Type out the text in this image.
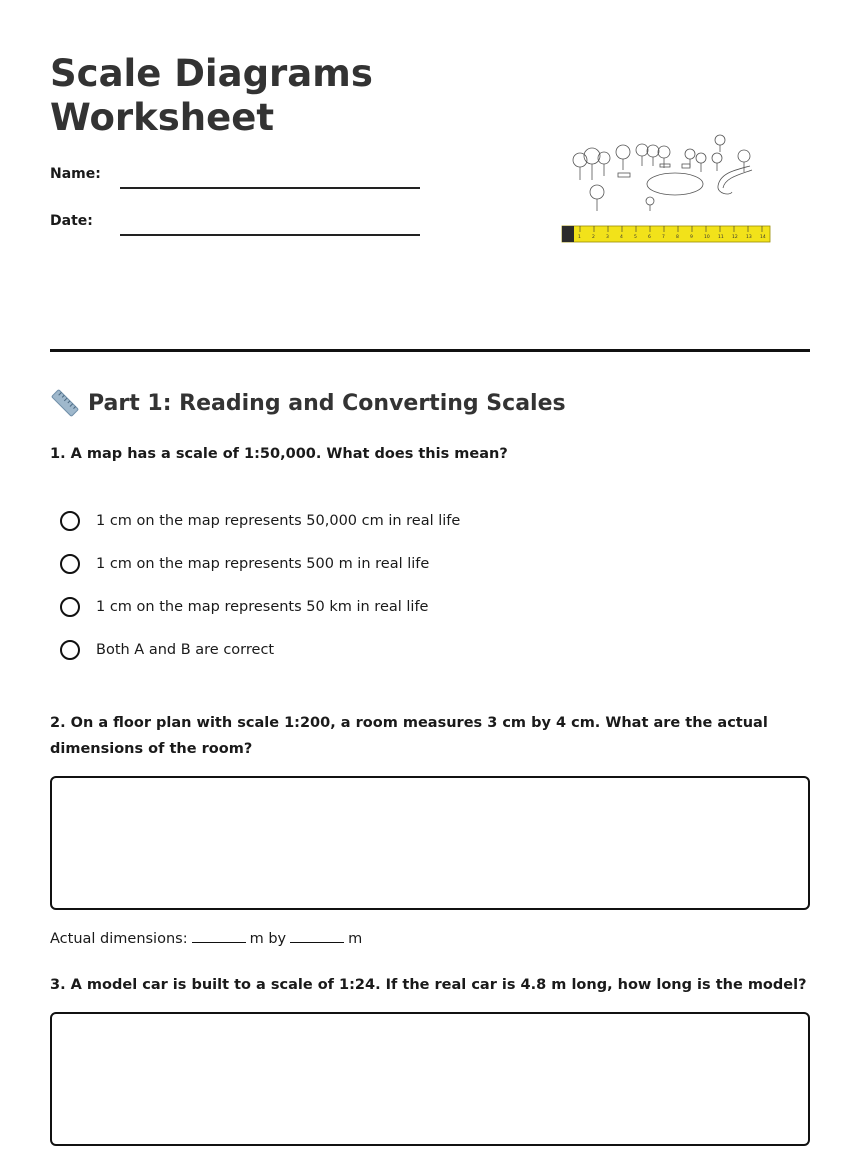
Scale Diagrams Worksheet
Name:
Date:
1 2 3 4 5 6 7 8 9 10 11 12 13 14
Part 1: Reading and Converting Scales

1. A map has a scale of 1:50,000. What does this mean?

1 cm on the map represents 50,000 cm in real life
1 cm on the map represents 500 m in real life
1 cm on the map represents 50 km in real life
Both A and B are correct

2. On a floor plan with scale 1:200, a room measures 3 cm by 4 cm. What are the actual dimensions of the room?

Actual dimensions:	m by	m

3. A model car is built to a scale of 1:24. If the real car is 4.8 m long, how long is the model?
